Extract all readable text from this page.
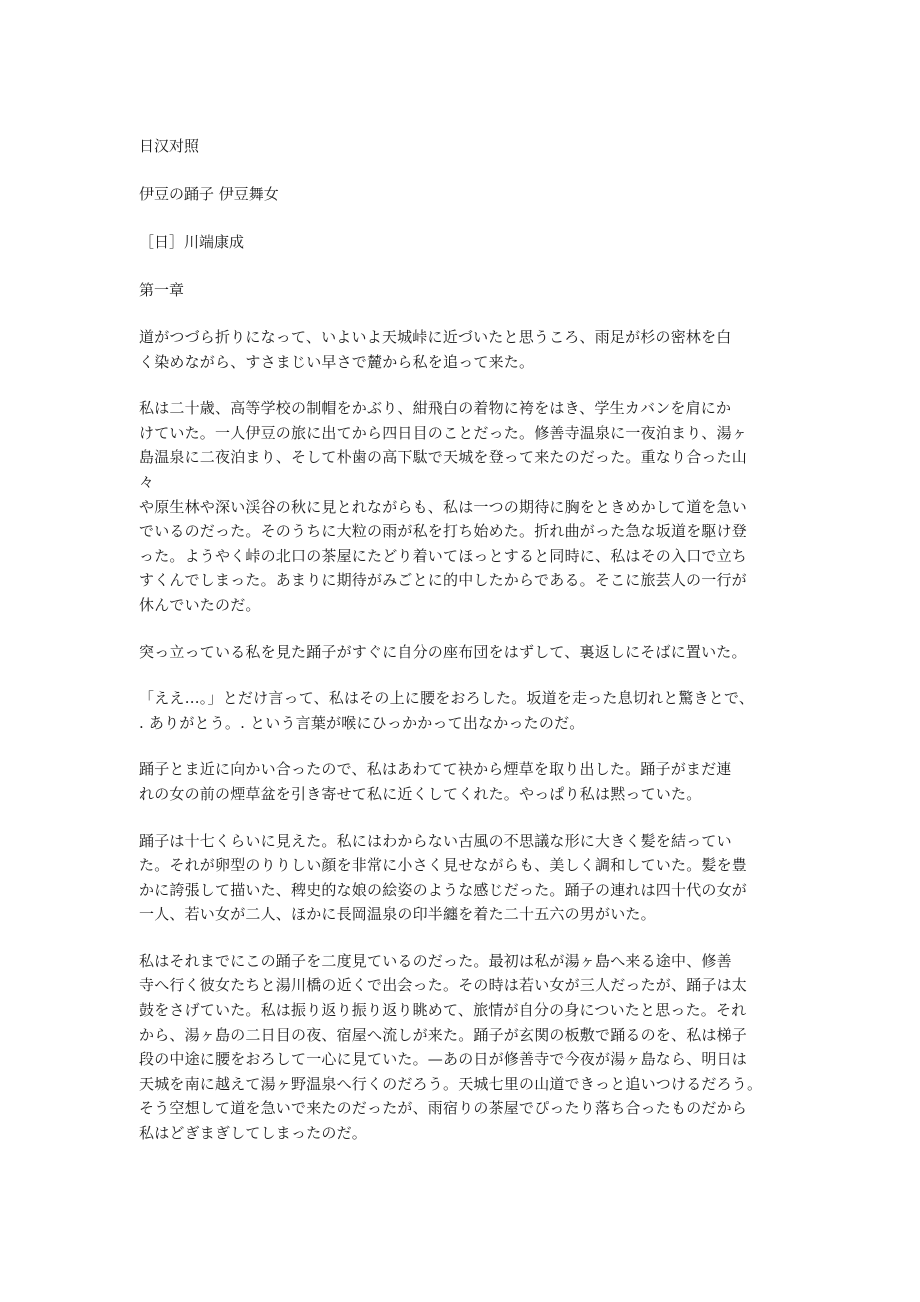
日汉对照
伊豆の踊子 伊豆舞女
［日］川端康成
第一章
道がつづら折りになって、いよいよ天城峠に近づいたと思うころ、雨足が杉の密林を白
く染めながら、すさまじい早さで麓から私を追って来た。
私は二十歳、高等学校の制帽をかぶり、紺飛白の着物に袴をはき、学生カバンを肩にか
けていた。一人伊豆の旅に出てから四日目のことだった。修善寺温泉に一夜泊まり、湯ヶ
島温泉に二夜泊まり、そして朴歯の高下駄で天城を登って来たのだった。重なり合った山
々
や原生林や深い渓谷の秋に見とれながらも、私は一つの期待に胸をときめかして道を急い
でいるのだった。そのうちに大粒の雨が私を打ち始めた。折れ曲がった急な坂道を駆け登
った。ようやく峠の北口の茶屋にたどり着いてほっとすると同時に、私はその入口で立ち
すくんでしまった。あまりに期待がみごとに的中したからである。そこに旅芸人の一行が
休んでいたのだ。
突っ立っている私を見た踊子がすぐに自分の座布団をはずして、裏返しにそばに置いた。
「ええ…。」とだけ言って、私はその上に腰をおろした。坂道を走った息切れと驚きとで、
. ありがとう。. という言葉が喉にひっかかって出なかったのだ。
踊子とま近に向かい合ったので、私はあわてて袂から煙草を取り出した。踊子がまだ連
れの女の前の煙草盆を引き寄せて私に近くしてくれた。やっぱり私は黙っていた。
踊子は十七くらいに見えた。私にはわからない古風の不思議な形に大きく髪を結ってい
た。それが卵型のりりしい顔を非常に小さく見せながらも、美しく調和していた。髪を豊
かに誇張して描いた、稗史的な娘の絵姿のような感じだった。踊子の連れは四十代の女が
一人、若い女が二人、ほかに長岡温泉の印半纏を着た二十五六の男がいた。
私はそれまでにこの踊子を二度見ているのだった。最初は私が湯ヶ島へ来る途中、修善
寺へ行く彼女たちと湯川橋の近くで出会った。その時は若い女が三人だったが、踊子は太
鼓をさげていた。私は振り返り振り返り眺めて、旅情が自分の身についたと思った。それ
から、湯ヶ島の二日目の夜、宿屋へ流しが来た。踊子が玄関の板敷で踊るのを、私は梯子
段の中途に腰をおろして一心に見ていた。—あの日が修善寺で今夜が湯ヶ島なら、明日は
天城を南に越えて湯ヶ野温泉へ行くのだろう。天城七里の山道できっと追いつけるだろう。
そう空想して道を急いで来たのだったが、雨宿りの茶屋でぴったり落ち合ったものだから
私はどぎまぎしてしまったのだ。
